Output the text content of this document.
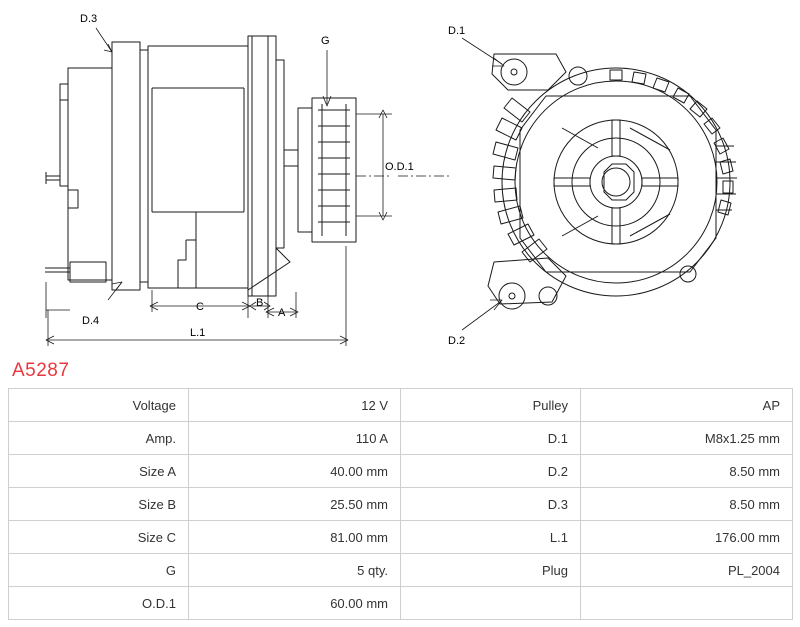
D.3
D.4
G
O.D.1
C	B
A
L.1
D.1
D.2
A5287
Voltage	12 V	Pulley	AP
Amp.	110 A	D.1	M8x1.25 mm
Size A	40.00 mm	D.2	8.50 mm
Size B	25.50 mm	D.3	8.50 mm
Size C	81.00 mm	L.1	176.00 mm
G	5 qty.	Plug	PL_2004
O.D.1	60.00 mm		
